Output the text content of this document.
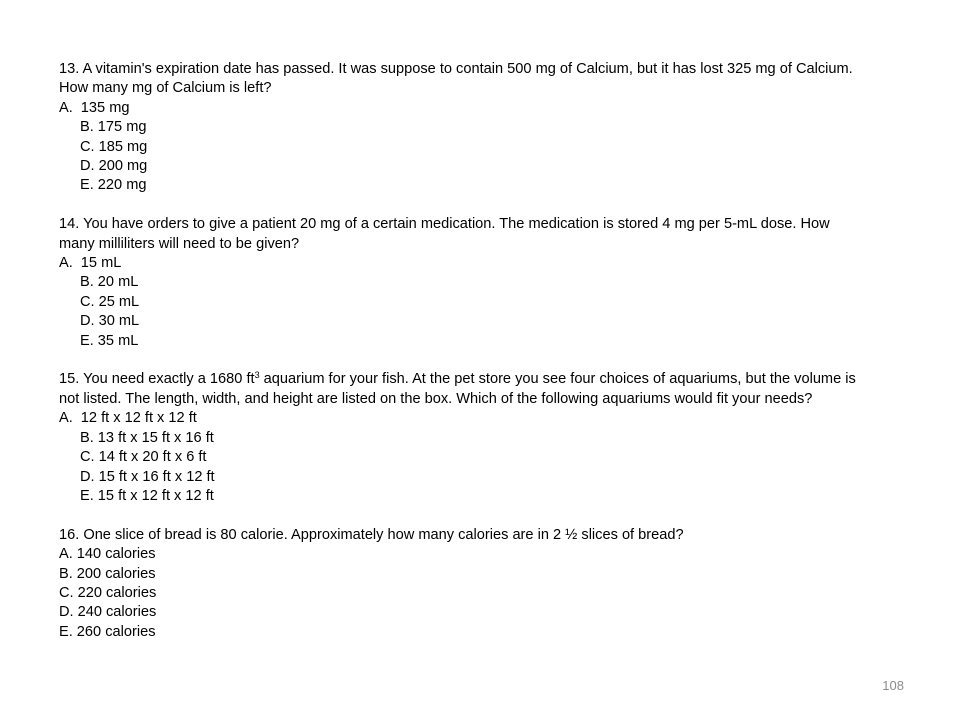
13. A vitamin's expiration date has passed. It was suppose to contain 500 mg of Calcium, but it has lost 325 mg of Calcium. How many mg of Calcium is left?

A. 135 mg
B. 175 mg
C. 185 mg
D. 200 mg
E. 220 mg

14. You have orders to give a patient 20 mg of a certain medication. The medication is stored 4 mg per 5-mL dose. How many milliliters will need to be given?

A. 15 mL
B. 20 mL
C. 25 mL
D. 30 mL
E. 35 mL

15. You need exactly a 1680 $ft^3$ aquarium for your fish. At the pet store you see four choices of aquariums, but the volume is not listed. The length, width, and height are listed on the box. Which of the following aquariums would fit your needs?

A. 12 ft x 12 ft x 12 ft
B. 13 ft x 15 ft x 16 ft
C. 14 ft x 20 ft x 6 ft
D. 15 ft x 16 ft x 12 ft
E. 15 ft x 12 ft x 12 ft

16. One slice of bread is 80 calorie. Approximately how many calories are in 2 ½ slices of bread?

A. 140 calories
B. 200 calories
C. 220 calories
D. 240 calories
E. 260 calories
108
